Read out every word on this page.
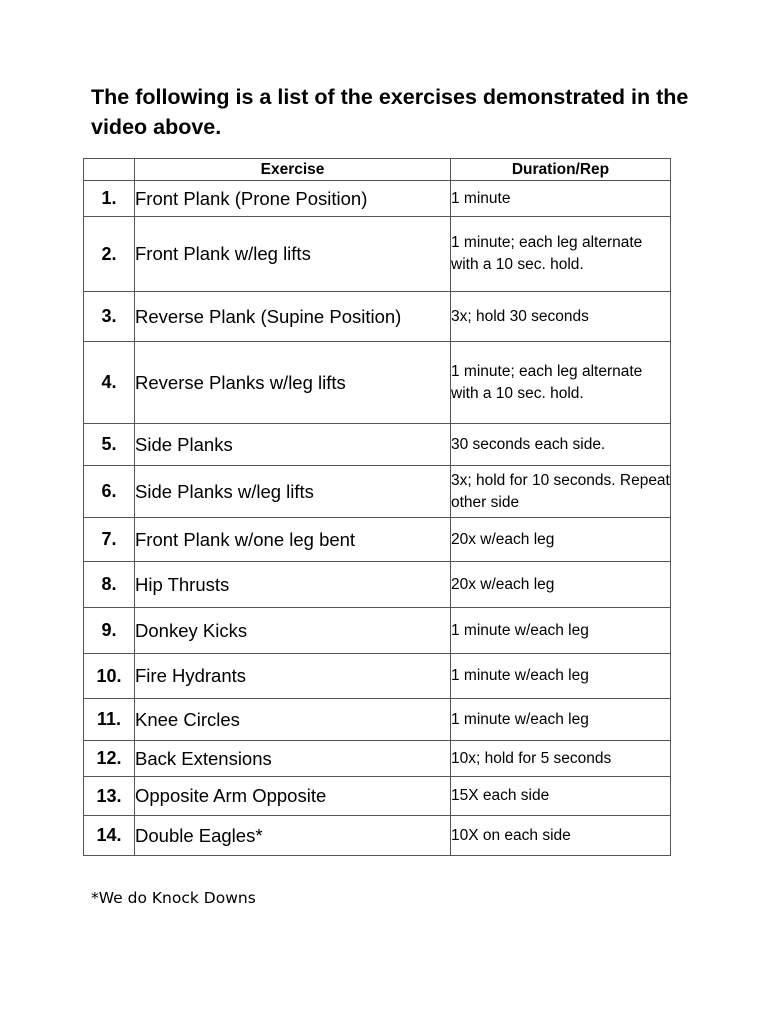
The following is a list of the exercises demonstrated in the video above.

	Exercise	Duration/Rep
1.	Front Plank (Prone Position)	1 minute
2.	Front Plank w/leg lifts	1 minute; each leg alternate with a 10 sec. hold.
3.	Reverse Plank (Supine Position)	3x; hold 30 seconds
4.	Reverse Planks w/leg lifts	1 minute; each leg alternate with a 10 sec. hold.
5.	Side Planks	30 seconds each side.
6.	Side Planks w/leg lifts	3x; hold for 10 seconds. Repeat other side
7.	Front Plank w/one leg bent	20x w/each leg
8.	Hip Thrusts	20x w/each leg
9.	Donkey Kicks	1 minute w/each leg
10.	Fire Hydrants	1 minute w/each leg
11.	Knee Circles	1 minute w/each leg
12.	Back Extensions	10x; hold for 5 seconds
13.	Opposite Arm Opposite	15X each side
14.	Double Eagles*	10X on each side

*We do Knock Downs
